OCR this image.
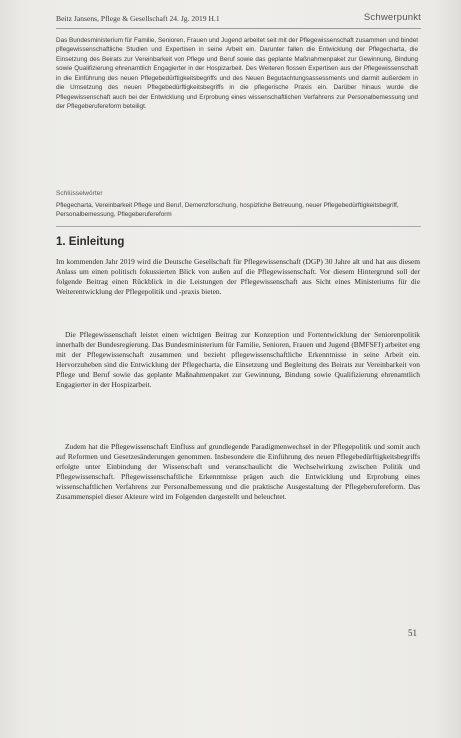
Beitz Jansens, Pflege & Gesellschaft 24. Jg. 2019 H.1	Schwerpunkt

Das Bundesministerium für Familie, Senioren, Frauen und Jugend arbeitet seit mit der Pflegewissenschaft zusammen und bindet pflegewissenschaftliche Studien und Expertisen in seine Arbeit ein. Darunter fallen die Entwicklung der Pflegecharta, die Einsetzung des Beirats zur Vereinbarkeit von Pflege und Beruf sowie das geplante Maßnahmenpaket zur Gewinnung, Bindung sowie Qualifizierung ehrenamtlich Engagierter in der Hospizarbeit. Des Weiteren flossen Expertisen aus der Pflegewissenschaft in die Einführung des neuen Pflegebedürftigkeitsbegriffs und des Neuen Begutachtungsassessments und darmit außerdem in die Umsetzung des neuen Pflegebedürftigkeitsbegriffs in die pflegerische Praxis ein. Darüber hinaus wurde die Pflegewissenschaft auch bei der Entwicklung und Erprobung eines wissenschaftlichen Verfahrens zur Personalbemessung und der Pflegeberufereform beteiligt.

Schlüsselwörter

Pflegecharta, Vereinbarkeit Pflege und Beruf, Demenzforschung, hospizliche Betreuung, neuer Pflegebedürftigkeitsbegriff, Personalbemessung, Pflegeberufereform

1. Einleitung

Im kommenden Jahr 2019 wird die Deutsche Gesellschaft für Pflegewissenschaft (DGP) 30 Jahre alt und hat aus diesem Anlass um einen politisch fokussierten Blick von außen auf die Pflegewissenschaft. Vor diesem Hintergrund soll der folgende Beitrag einen Rückblick in die Leistungen der Pflegewissenschaft aus Sicht eines Ministeriums für die Weiterentwicklung der Pflegepolitik und -praxis bieten.

Die Pflegewissenschaft leistet einen wichtigen Beitrag zur Konzeption und Fortentwicklung der Seniorenpolitik innerhalb der Bundesregierung. Das Bundesministerium für Familie, Senioren, Frauen und Jugend (BMFSFJ) arbeitet eng mit der Pflegewissenschaft zusammen und bezieht pflegewissenschaftliche Erkenntnisse in seine Arbeit ein. Hervorzuheben sind die Entwicklung der Pflegecharta, die Einsetzung und Begleitung des Beirats zur Vereinbarkeit von Pflege und Beruf sowie das geplante Maßnahmenpaket zur Gewinnung, Bindung sowie Qualifizierung ehrenamtlich Engagierter in der Hospizarbeit.

Zudem hat die Pflegewissenschaft Einfluss auf grundlegende Paradigmenwechsel in der Pflegepolitik und somit auch auf Reformen und Gesetzesänderungen genommen. Insbesondere die Einführung des neuen Pflegebedürftigkeitsbegriffs erfolgte unter Einbindung der Wissenschaft und veranschaulicht die Wechselwirkung zwischen Politik und Pflegewissenschaft. Pflegewissenschaftliche Erkenntnisse prägen auch die Entwicklung und Erprobung eines wissenschaftlichen Verfahrens zur Personalbemessung und die praktische Ausgestaltung der Pflegeberufereform. Das Zusammenspiel dieser Akteure wird im Folgenden dargestellt und beleuchtet.

51
